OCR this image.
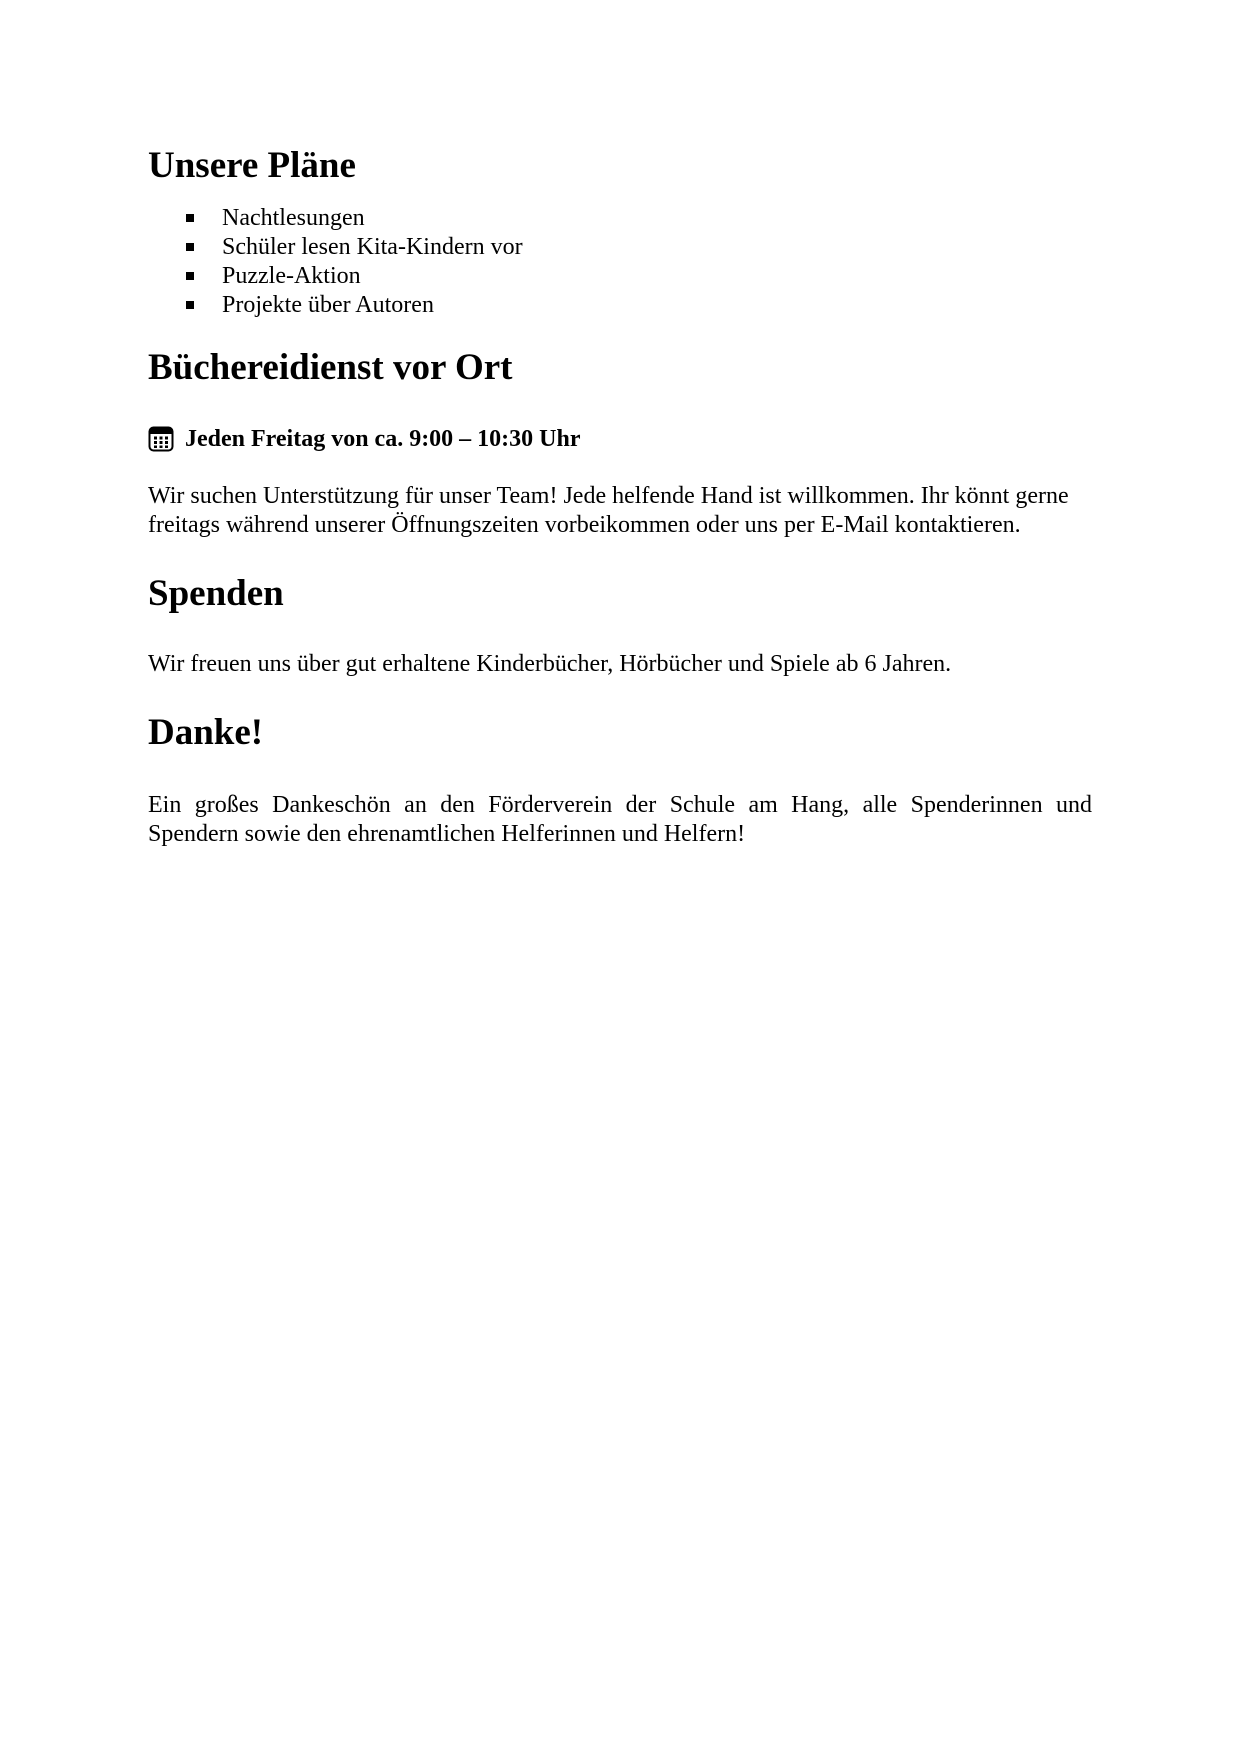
Unsere Pläne
Nachtlesungen
Schüler lesen Kita-Kindern vor
Puzzle-Aktion
Projekte über Autoren
Büchereidienst vor Ort
Jeden Freitag von ca. 9:00 – 10:30 Uhr

Wir suchen Unterstützung für unser Team! Jede helfende Hand ist willkommen. Ihr könnt gerne freitags während unserer Öffnungszeiten vorbeikommen oder uns per E-Mail kontaktieren.

Spenden

Wir freuen uns über gut erhaltene Kinderbücher, Hörbücher und Spiele ab 6 Jahren.

Danke!

Ein großes Dankeschön an den Förderverein der Schule am Hang, alle Spenderinnen und Spendern sowie den ehrenamtlichen Helferinnen und Helfern!
